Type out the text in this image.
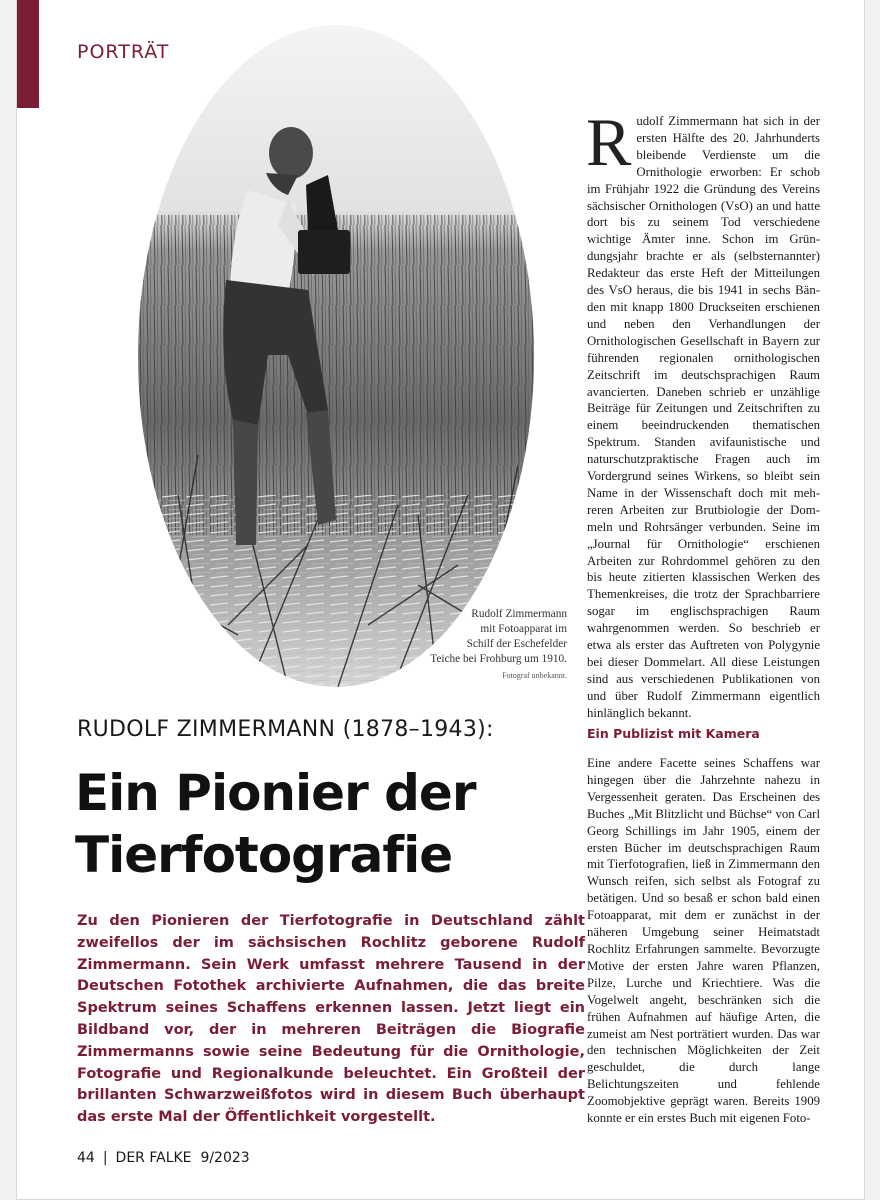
PORTRÄT
Rudolf Zimmermann
mit Fotoapparat im
Schilf der Eschefelder
Teiche bei Frohburg um 1910.
Fotograf unbekannt.
RUDOLF ZIMMERMANN (1878–1943):
Ein Pionier der
Tierfotografie
Zu den Pionieren der Tierfotografie in Deutschland zählt zweifellos der im sächsischen Rochlitz geborene Rudolf Zimmermann. Sein Werk umfasst mehrere Tausend in der Deutschen Fotothek archivierte Aufnahmen, die das breite Spektrum seines Schaffens erkennen lassen. Jetzt liegt ein Bildband vor, der in mehreren Beiträgen die Biografie Zimmermanns sowie seine Bedeutung für die Ornithologie, Fotografie und Regionalkunde beleuchtet. Ein Großteil der brillanten Schwarzweißfotos wird in diesem Buch überhaupt das erste Mal der Öffentlichkeit vorgestellt.
Rudolf Zimmermann hat sich in der ersten Hälfte des 20. Jahrhunderts bleibende Verdienste um die Ornithologie erworben: Er schob im Frühjahr 1922 die Gründung des Vereins sächsischer Ornithologen (VsO) an und hatte dort bis zu seinem Tod verschiedene wichtige Ämter inne. Schon im Gründungsjahr brachte er als (selbsternannter) Redakteur das erste Heft der Mitteilungen des VsO heraus, die bis 1941 in sechs Bänden mit knapp 1800 Druckseiten erschienen und neben den Verhandlungen der Ornithologischen Gesellschaft in Bayern zur führenden regionalen ornithologischen Zeitschrift im deutschsprachigen Raum avancierten. Daneben schrieb er unzählige Beiträge für Zeitungen und Zeitschriften zu einem beeindruckenden thematischen Spektrum. Standen avifaunistische und naturschutzpraktische Fragen auch im Vordergrund seines Wirkens, so bleibt sein Name in der Wissenschaft doch mit mehreren Arbeiten zur Brutbiologie der Dommeln und Rohrsänger verbunden. Seine im „Journal für Ornithologie“ erschienen Arbeiten zur Rohrdommel gehören zu den bis heute zitierten klassischen Werken des Themenkreises, die trotz der Sprachbarriere sogar im englischsprachigen Raum wahrgenommen werden. So beschrieb er etwa als erster das Auftreten von Polygynie bei dieser Dommelart. All diese Leistungen sind aus verschiedenen Publikationen von und über Rudolf Zimmermann eigentlich hinlänglich bekannt.
Ein Publizist mit Kamera
Eine andere Facette seines Schaffens war hingegen über die Jahrzehnte nahezu in Vergessenheit geraten. Das Erscheinen des Buches „Mit Blitzlicht und Büchse“ von Carl Georg Schillings im Jahr 1905, einem der ersten Bücher im deutschsprachigen Raum mit Tierfotografien, ließ in Zimmermann den Wunsch reifen, sich selbst als Fotograf zu betätigen. Und so besaß er schon bald einen Fotoapparat, mit dem er zunächst in der näheren Umgebung seiner Heimatstadt Rochlitz Erfahrungen sammelte. Bevorzugte Motive der ersten Jahre waren Pflanzen, Pilze, Lurche und Kriechtiere. Was die Vogelwelt angeht, beschränken sich die frühen Aufnahmen auf häufige Arten, die zumeist am Nest porträtiert wurden. Das war den technischen Möglichkeiten der Zeit geschuldet, die durch lange Belichtungszeiten und fehlende Zoomobjektive geprägt waren. Bereits 1909 konnte er ein erstes Buch mit eigenen Foto-
44 | DER FALKE 9/2023
